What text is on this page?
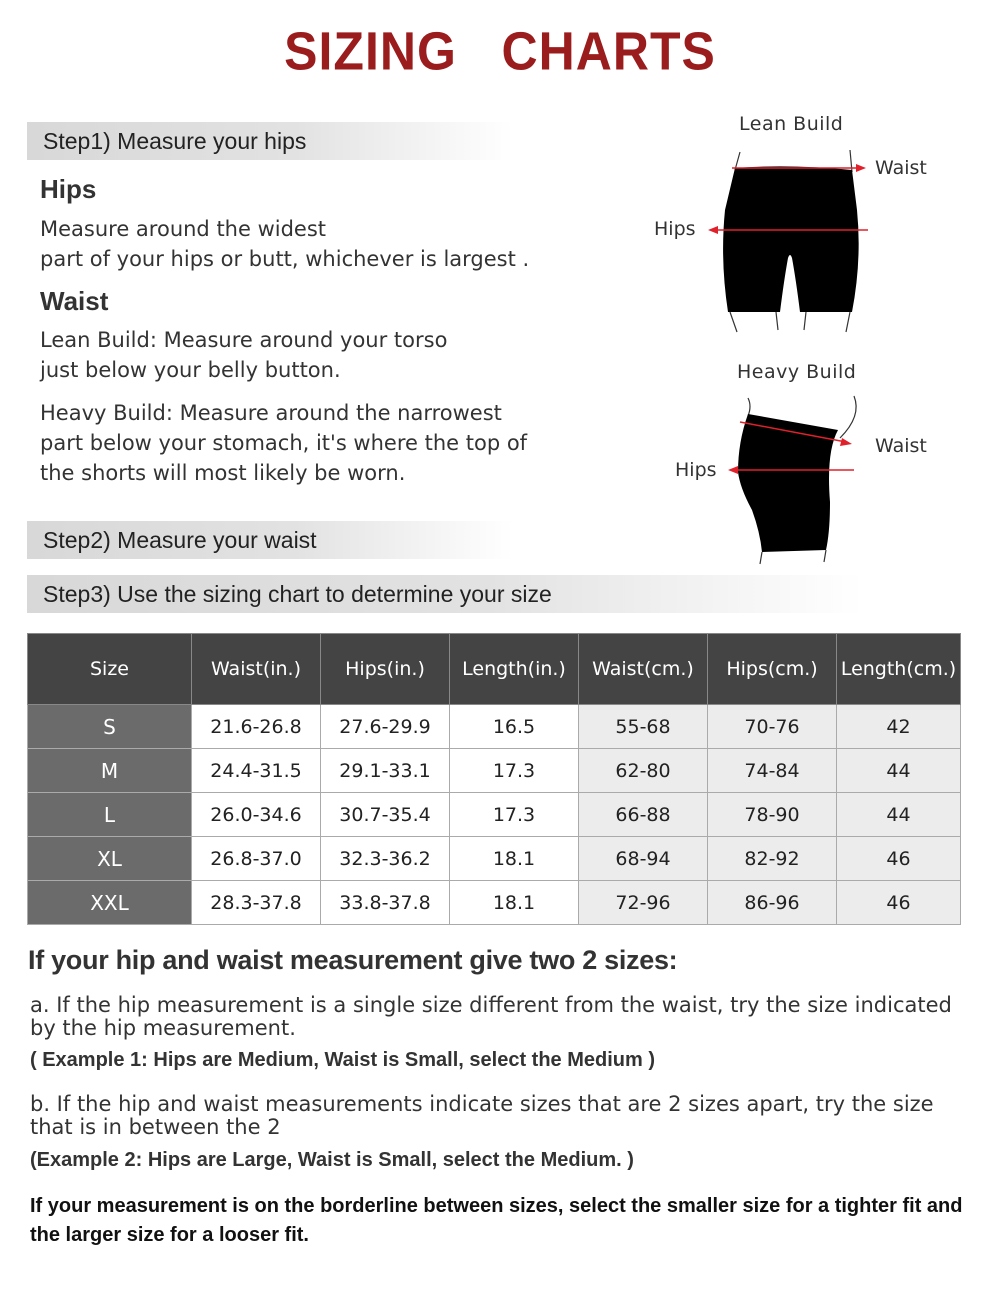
SIZING   CHARTS
Step1) Measure your hips
Hips
Measure around the widest
part of your hips or butt, whichever is largest .
Waist
Lean Build: Measure around your torso
just below your belly button.
Heavy Build: Measure around the narrowest
part below your stomach, it's where the top of
the shorts will most likely be worn.
Lean Build
Waist
Hips
Heavy Build
Waist
Hips
Step2) Measure your waist
Step3) Use the sizing chart to determine your size
Size	Waist(in.)	Hips(in.)	Length(in.)	Waist(cm.)	Hips(cm.)	Length(cm.)
S	21.6-26.8	27.6-29.9	16.5	55-68	70-76	42
M	24.4-31.5	29.1-33.1	17.3	62-80	74-84	44
L	26.0-34.6	30.7-35.4	17.3	66-88	78-90	44
XL	26.8-37.0	32.3-36.2	18.1	68-94	82-92	46
XXL	28.3-37.8	33.8-37.8	18.1	72-96	86-96	46
If your hip and waist measurement give two 2 sizes:
a. If the hip measurement is a single size different from the waist, try the size indicated by the hip measurement.
( Example 1: Hips are Medium, Waist is Small, select the Medium )
b. If the hip and waist measurements indicate sizes that are 2 sizes apart, try the size that is in between the 2
(Example 2: Hips are Large, Waist is Small, select the Medium. )
If your measurement is on the borderline between sizes, select the smaller size for a tighter fit and the larger size for a looser fit.
